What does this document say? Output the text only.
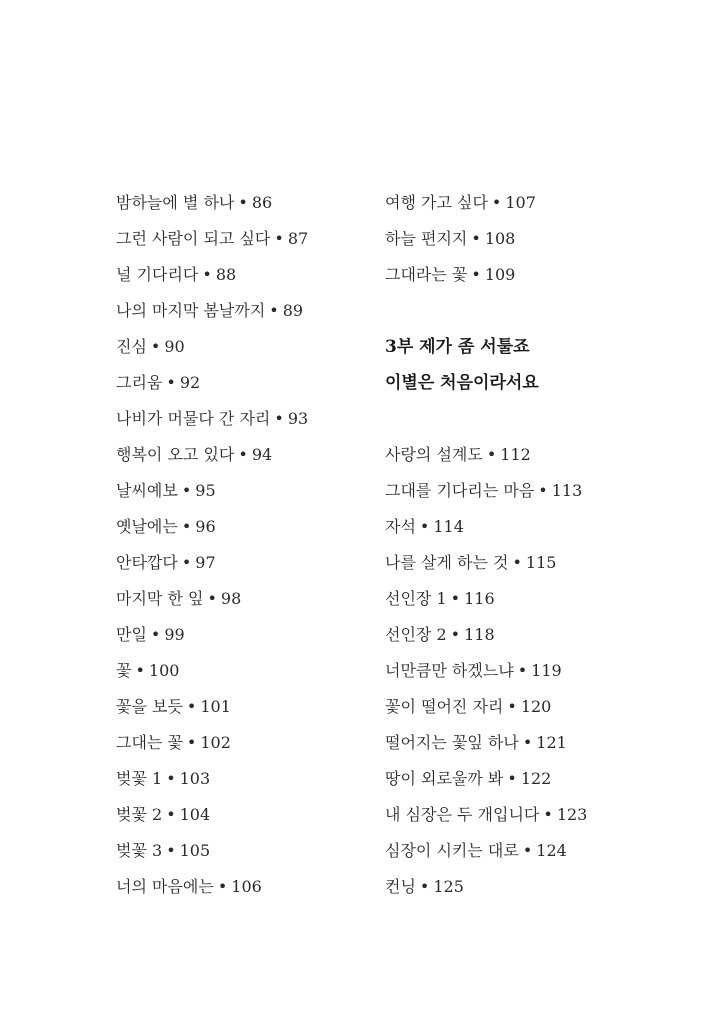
밤하늘에 별 하나 • 86
그런 사람이 되고 싶다 • 87
널 기다리다 • 88
나의 마지막 봄날까지 • 89
진심 • 90
그리움 • 92
나비가 머물다 간 자리 • 93
행복이 오고 있다 • 94
날씨예보 • 95
옛날에는 • 96
안타깝다 • 97
마지막 한 잎 • 98
만일 • 99
꽃 • 100
꽃을 보듯 • 101
그대는 꽃 • 102
벚꽃 1 • 103
벚꽃 2 • 104
벚꽃 3 • 105
너의 마음에는 • 106
여행 가고 싶다 • 107
하늘 편지지 • 108
그대라는 꽃 • 109
3부 제가 좀 서툴죠
이별은 처음이라서요
사랑의 설계도 • 112
그대를 기다리는 마음 • 113
자석 • 114
나를 살게 하는 것 • 115
선인장 1 • 116
선인장 2 • 118
너만큼만 하겠느냐 • 119
꽃이 떨어진 자리 • 120
떨어지는 꽃잎 하나 • 121
땅이 외로울까 봐 • 122
내 심장은 두 개입니다 • 123
심장이 시키는 대로 • 124
컨닝 • 125
